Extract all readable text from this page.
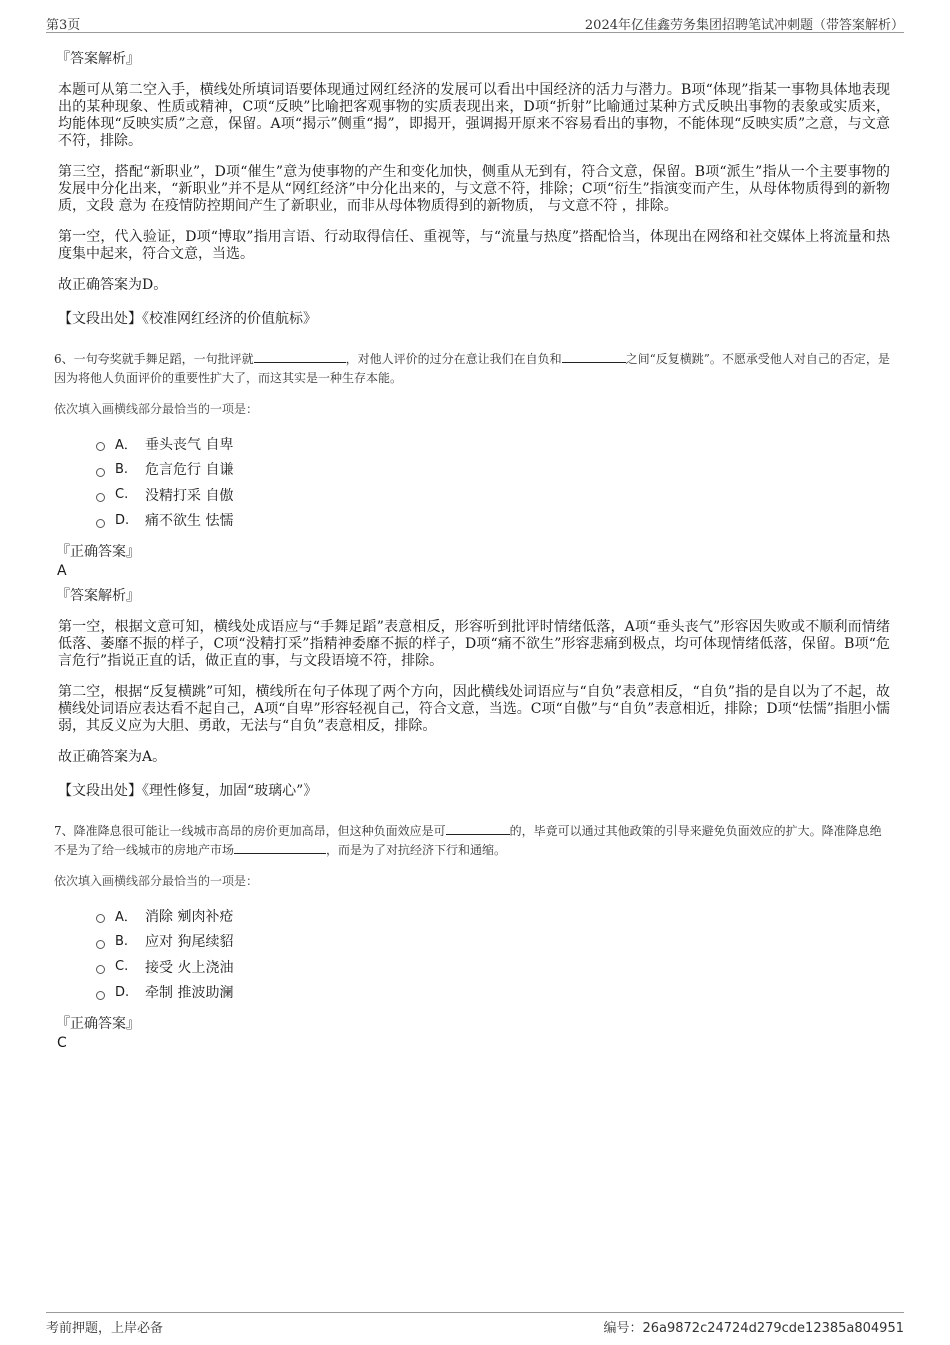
第3页	2024年亿佳鑫劳务集团招聘笔试冲刺题（带答案解析）
『答案解析』

本题可从第二空入手，横线处所填词语要体现通过网红经济的发展可以看出中国经济的活力与潜力。B项“体现”指某一事物具体地表现出的某种现象、性质或精神，C项“反映”比喻把客观事物的实质表现出来，D项“折射”比喻通过某种方式反映出事物的表象或实质来，均能体现“反映实质”之意，保留。A项“揭示”侧重“揭”，即揭开，强调揭开原来不容易看出的事物，不能体现“反映实质”之意，与文意不符，排除。

第三空，搭配“新职业”，D项“催生”意为使事物的产生和变化加快，侧重从无到有，符合文意，保留。B项“派生”指从一个主要事物的发展中分化出来，“新职业”并不是从“网红经济”中分化出来的，与文意不符，排除；C项“衍生”指演变而产生，从母体物质得到的新物质，文段 意为 在疫情防控期间产生了新职业，而非从母体物质得到的新物质， 与文意不符 ，排除。

第一空，代入验证，D项“博取”指用言语、行动取得信任、重视等，与“流量与热度”搭配恰当，体现出在网络和社交媒体上将流量和热度集中起来，符合文意，当选。

故正确答案为D。

【文段出处】《校准网红经济的价值航标》
6、一句夸奖就手舞足蹈，一句批评就	，对他人评价的过分在意让我们在自负和	之间“反复横跳”。不愿承受他人对自己的否定，是因为将他人负面评价的重要性扩大了，而这其实是一种生存本能。
依次填入画横线部分最恰当的一项是：
A． 垂头丧气 自卑
B.	危言危行 自谦
C.	没精打采 自傲
D.	痛不欲生 怯懦
『正确答案』
A
『答案解析』

第一空，根据文意可知，横线处成语应与“手舞足蹈”表意相反，形容听到批评时情绪低落，A项“垂头丧气”形容因失败或不顺利而情绪低落、萎靡不振的样子，C项“没精打采”指精神委靡不振的样子，D项“痛不欲生”形容悲痛到极点，均可体现情绪低落，保留。B项“危言危行”指说正直的话，做正直的事，与文段语境不符，排除。

第二空，根据“反复横跳”可知，横线所在句子体现了两个方向，因此横线处词语应与“自负”表意相反，“自负”指的是自以为了不起，故横线处词语应表达看不起自己，A项“自卑”形容轻视自己，符合文意，当选。C项“自傲”与“自负”表意相近，排除；D项“怯懦”指胆小懦弱，其反义应为大胆、勇敢，无法与“自负”表意相反，排除。

故正确答案为A。

【文段出处】《理性修复，加固“玻璃心”》
7、降准降息很可能让一线城市高昂的房价更加高昂，但这种负面效应是可	的，毕竟可以通过其他政策的引导来避免负面效应的扩大。降准降息绝不是为了给一线城市的房地产市场	，而是为了对抗经济下行和通缩。
依次填入画横线部分最恰当的一项是：
A． 消除 剜肉补疮
B.	应对 狗尾续貂
C.	接受 火上浇油
D.	牵制 推波助澜
『正确答案』
C
考前押题，上岸必备	编号：26a9872c24724d279cde12385a804951
